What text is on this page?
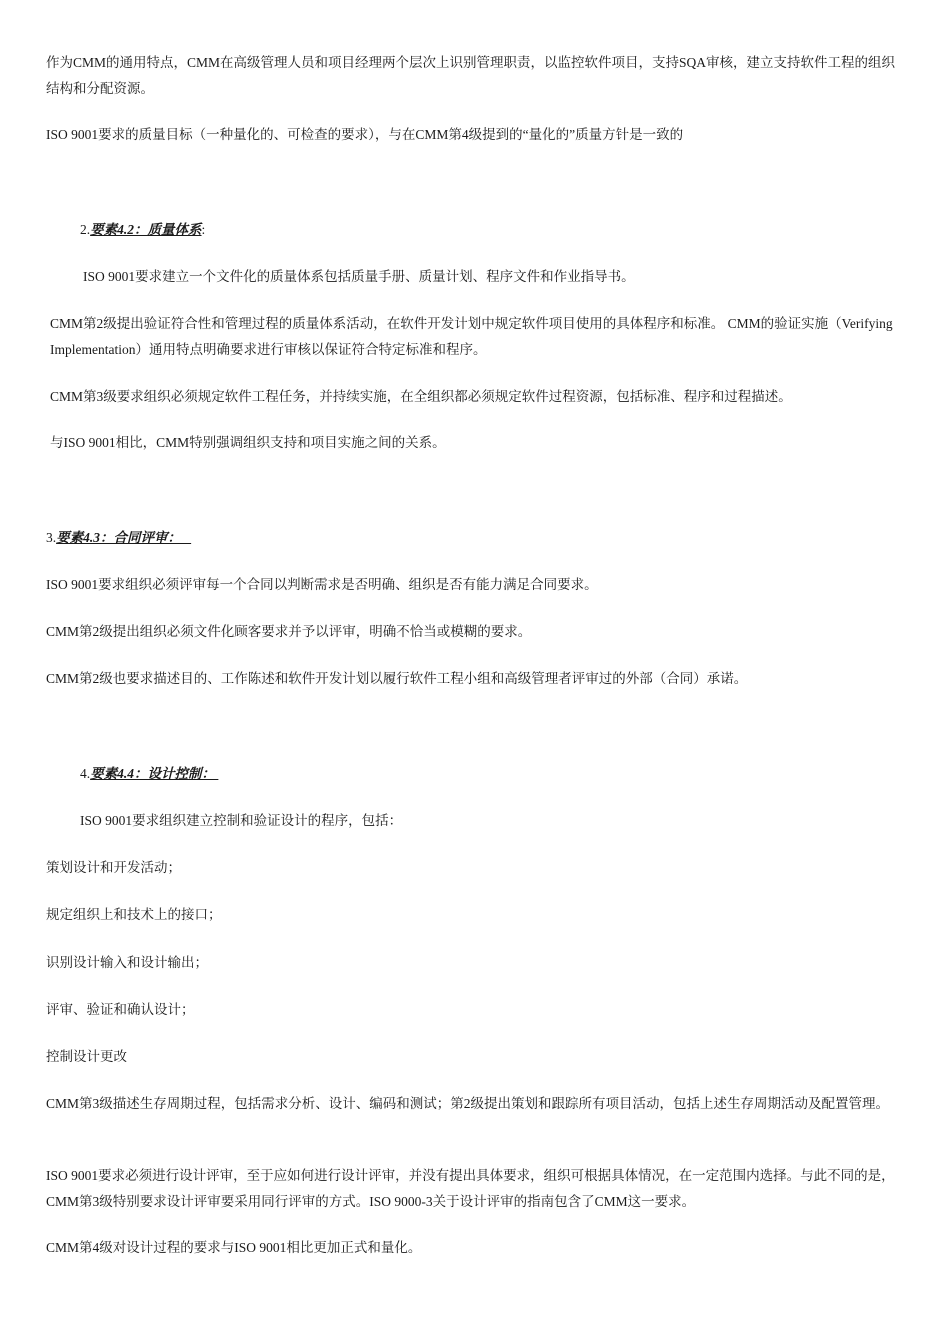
作为CMM的通用特点，CMM在高级管理人员和项目经理两个层次上识别管理职责，以监控软件项目，支持SQA审核，建立支持软件工程的组织结构和分配资源。

ISO 9001要求的质量目标（一种量化的、可检查的要求），与在CMM第4级提到的“量化的”质量方针是一致的

2.要素4.2：质量体系:

ISO 9001要求建立一个文件化的质量体系包括质量手册、质量计划、程序文件和作业指导书。

CMM第2级提出验证符合性和管理过程的质量体系活动，在软件开发计划中规定软件项目使用的具体程序和标准。 CMM的验证实施（Verifying Implementation）通用特点明确要求进行审核以保证符合特定标准和程序。

CMM第3级要求组织必须规定软件工程任务，并持续实施，在全组织都必须规定软件过程资源，包括标准、程序和过程描述。

与ISO 9001相比，CMM特别强调组织支持和项目实施之间的关系。

3.要素4.3：合同评审：

ISO 9001要求组织必须评审每一个合同以判断需求是否明确、组织是否有能力满足合同要求。

CMM第2级提出组织必须文件化顾客要求并予以评审，明确不恰当或模糊的要求。

CMM第2级也要求描述目的、工作陈述和软件开发计划以履行软件工程小组和高级管理者评审过的外部（合同）承诺。

4.要素4.4：设计控制：

ISO 9001要求组织建立控制和验证设计的程序，包括：

策划设计和开发活动；

规定组织上和技术上的接口；

识别设计输入和设计输出；

评审、验证和确认设计；

控制设计更改

CMM第3级描述生存周期过程，包括需求分析、设计、编码和测试；第2级提出策划和跟踪所有项目活动，包括上述生存周期活动及配置管理。

ISO 9001要求必须进行设计评审，至于应如何进行设计评审，并没有提出具体要求，组织可根据具体情况，在一定范围内选择。与此不同的是，CMM第3级特别要求设计评审要采用同行评审的方式。ISO 9000-3关于设计评审的指南包含了CMM这一要求。

CMM第4级对设计过程的要求与ISO 9001相比更加正式和量化。
